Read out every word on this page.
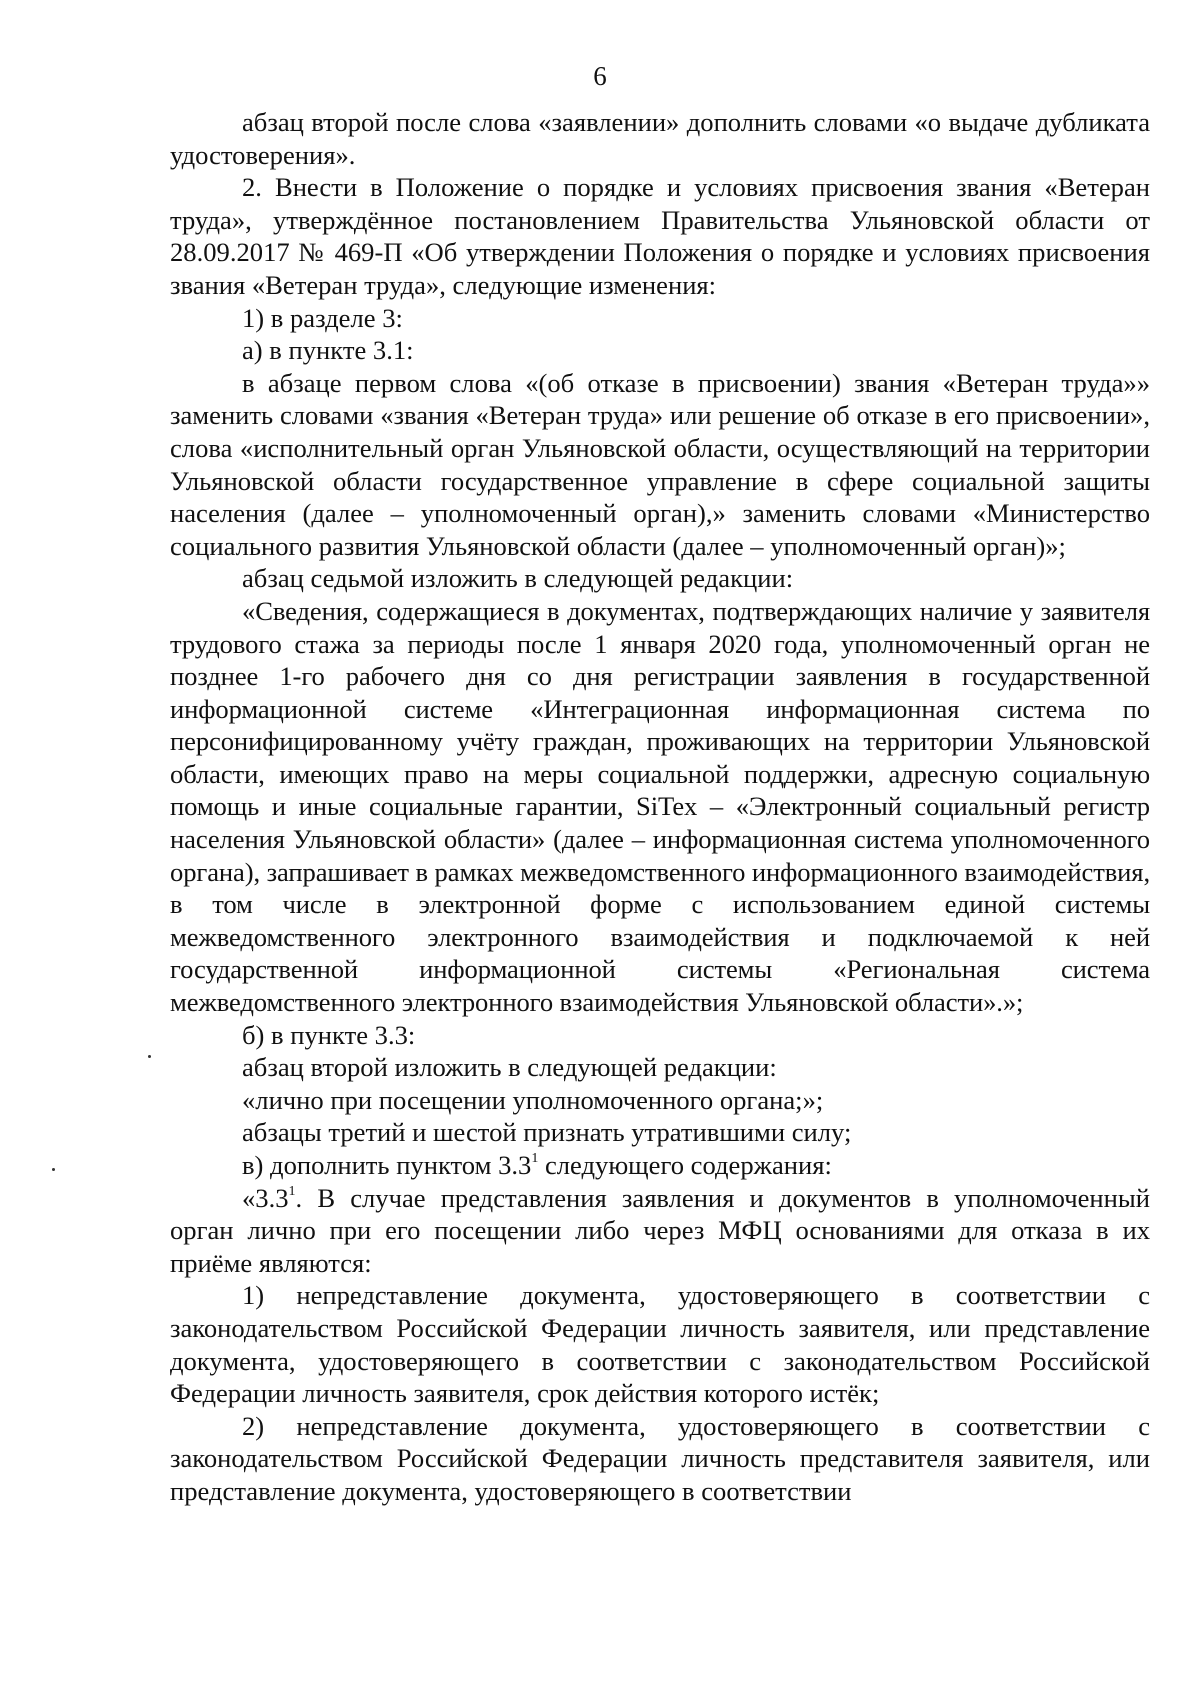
6

абзац второй после слова «заявлении» дополнить словами «о выдаче дубликата удостоверения».

2. Внести в Положение о порядке и условиях присвоения звания «Ветеран труда», утверждённое постановлением Правительства Ульяновской области от 28.09.2017 № 469-П «Об утверждении Положения о порядке и условиях присвоения звания «Ветеран труда», следующие изменения:

1) в разделе 3:

а) в пункте 3.1:

в абзаце первом слова «(об отказе в присвоении) звания «Ветеран труда»» заменить словами «звания «Ветеран труда» или решение об отказе в его присвоении», слова «исполнительный орган Ульяновской области, осуществляющий на территории Ульяновской области государственное управление в сфере социальной защиты населения (далее – уполномоченный орган),» заменить словами «Министерство социального развития Ульяновской области (далее – уполномоченный орган)»;

абзац седьмой изложить в следующей редакции:

«Сведения, содержащиеся в документах, подтверждающих наличие у заявителя трудового стажа за периоды после 1 января 2020 года, уполномоченный орган не позднее 1-го рабочего дня со дня регистрации заявления в государственной информационной системе «Интеграционная информационная система по персонифицированному учёту граждан, проживающих на территории Ульяновской области, имеющих право на меры социальной поддержки, адресную социальную помощь и иные социальные гарантии, SiTex – «Электронный социальный регистр населения Ульяновской области» (далее – информационная система уполномоченного органа), запрашивает в рамках межведомственного информационного взаимодействия, в том числе в электронной форме с использованием единой системы межведомственного электронного взаимодействия и подключаемой к ней государственной информационной системы «Региональная система межведомственного электронного взаимодействия Ульяновской области».»;

б) в пункте 3.3:

абзац второй изложить в следующей редакции:

«лично при посещении уполномоченного органа;»;

абзацы третий и шестой признать утратившими силу;

в) дополнить пунктом $3.3^1$ следующего содержания:

«$3.3^1$. В случае представления заявления и документов в уполномоченный орган лично при его посещении либо через МФЦ основаниями для отказа в их приёме являются:

1) непредставление документа, удостоверяющего в соответствии с законодательством Российской Федерации личность заявителя, или представление документа, удостоверяющего в соответствии с законодательством Российской Федерации личность заявителя, срок действия которого истёк;

2) непредставление документа, удостоверяющего в соответствии с законодательством Российской Федерации личность представителя заявителя, или представление документа, удостоверяющего в соответствии
